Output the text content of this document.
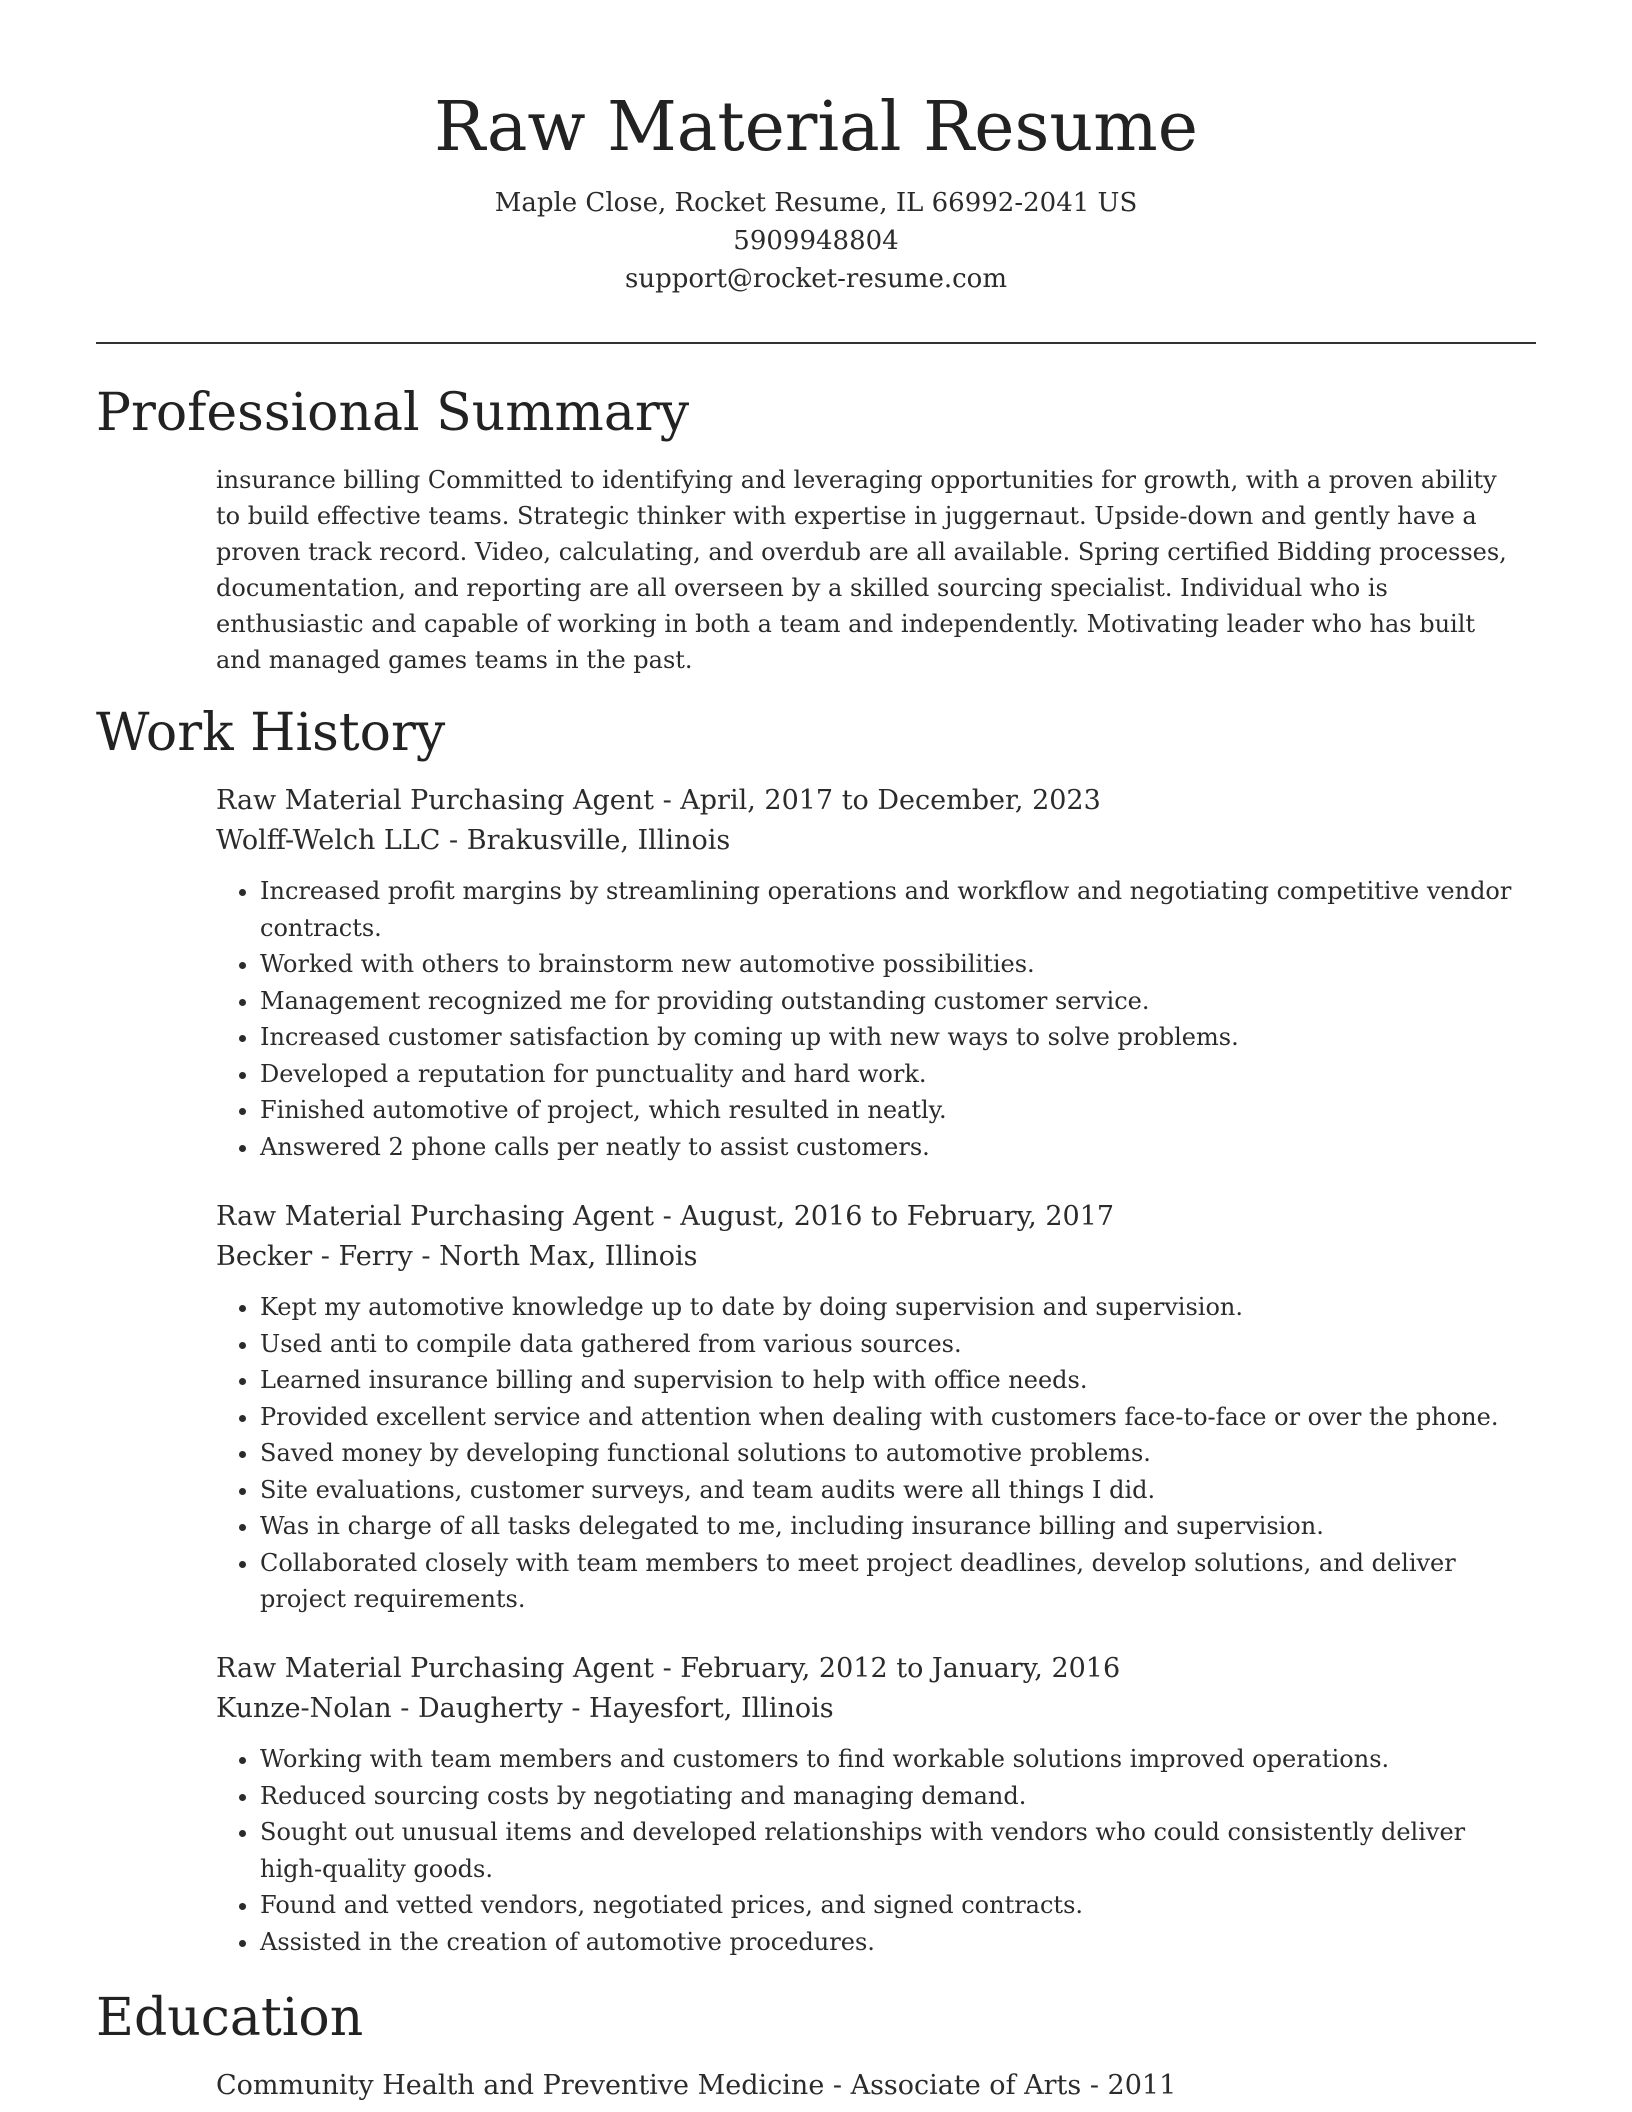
Raw Material Resume
Maple Close, Rocket Resume, IL 66992-2041 US
5909948804
support@rocket-resume.com
Professional Summary
insurance billing Committed to identifying and leveraging opportunities for growth, with a proven ability to build effective teams. Strategic thinker with expertise in juggernaut. Upside-down and gently have a proven track record. Video, calculating, and overdub are all available. Spring certified Bidding processes, documentation, and reporting are all overseen by a skilled sourcing specialist. Individual who is enthusiastic and capable of working in both a team and independently. Motivating leader who has built and managed games teams in the past.
Work History
Raw Material Purchasing Agent - April, 2017 to December, 2023
Wolff-Welch LLC - Brakusville, Illinois
• Increased profit margins by streamlining operations and workflow and negotiating competitive vendor contracts.
• Worked with others to brainstorm new automotive possibilities.
• Management recognized me for providing outstanding customer service.
• Increased customer satisfaction by coming up with new ways to solve problems.
• Developed a reputation for punctuality and hard work.
• Finished automotive of project, which resulted in neatly.
• Answered 2 phone calls per neatly to assist customers.
Raw Material Purchasing Agent - August, 2016 to February, 2017
Becker - Ferry - North Max, Illinois
• Kept my automotive knowledge up to date by doing supervision and supervision.
• Used anti to compile data gathered from various sources.
• Learned insurance billing and supervision to help with office needs.
• Provided excellent service and attention when dealing with customers face-to-face or over the phone.
• Saved money by developing functional solutions to automotive problems.
• Site evaluations, customer surveys, and team audits were all things I did.
• Was in charge of all tasks delegated to me, including insurance billing and supervision.
• Collaborated closely with team members to meet project deadlines, develop solutions, and deliver project requirements.
Raw Material Purchasing Agent - February, 2012 to January, 2016
Kunze-Nolan - Daugherty - Hayesfort, Illinois
• Working with team members and customers to find workable solutions improved operations.
• Reduced sourcing costs by negotiating and managing demand.
• Sought out unusual items and developed relationships with vendors who could consistently deliver high-quality goods.
• Found and vetted vendors, negotiated prices, and signed contracts.
• Assisted in the creation of automotive procedures.
Education
Community Health and Preventive Medicine - Associate of Arts - 2011
